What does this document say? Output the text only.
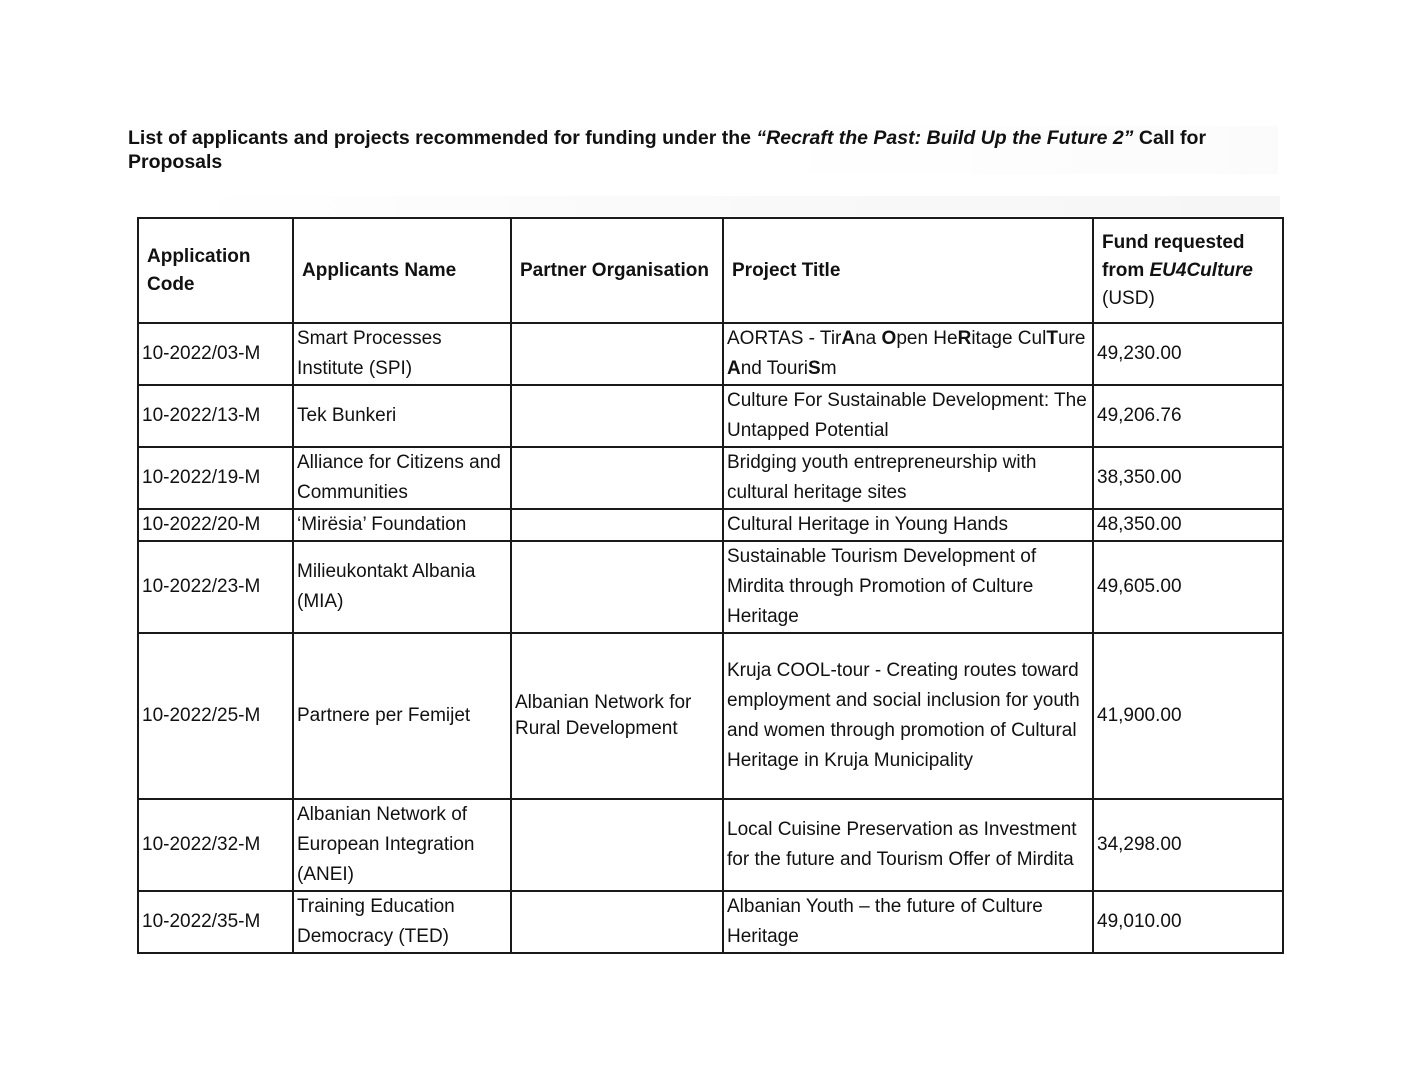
List of applicants and projects recommended for funding under the “Recraft the Past: Build Up the Future 2” Call for Proposals
Application Code	Applicants Name	Partner Organisation	Project Title	Fund requested from EU4Culture
(USD)
10-2022/03-M	Smart Processes Institute (SPI)		AORTAS - TirAna Open HeRitage CulTure And TouriSm	49,230.00
10-2022/13-M	Tek Bunkeri		Culture For Sustainable Development: The Untapped Potential	49,206.76
10-2022/19-M	Alliance for Citizens and Communities		Bridging youth entrepreneurship with cultural heritage sites	38,350.00
10-2022/20-M	‘Mirësia’ Foundation		Cultural Heritage in Young Hands	48,350.00
10-2022/23-M	Milieukontakt Albania (MIA)		Sustainable Tourism Development of Mirdita through Promotion of Culture Heritage	49,605.00
10-2022/25-M	Partnere per Femijet	Albanian Network for Rural Development	Kruja COOL-tour - Creating routes toward employment and social inclusion for youth and women through promotion of Cultural Heritage in Kruja Municipality	41,900.00
10-2022/32-M	Albanian Network of European Integration (ANEI)		Local Cuisine Preservation as Investment for the future and Tourism Offer of Mirdita	34,298.00
10-2022/35-M	Training Education Democracy (TED)		Albanian Youth – the future of Culture Heritage	49,010.00
